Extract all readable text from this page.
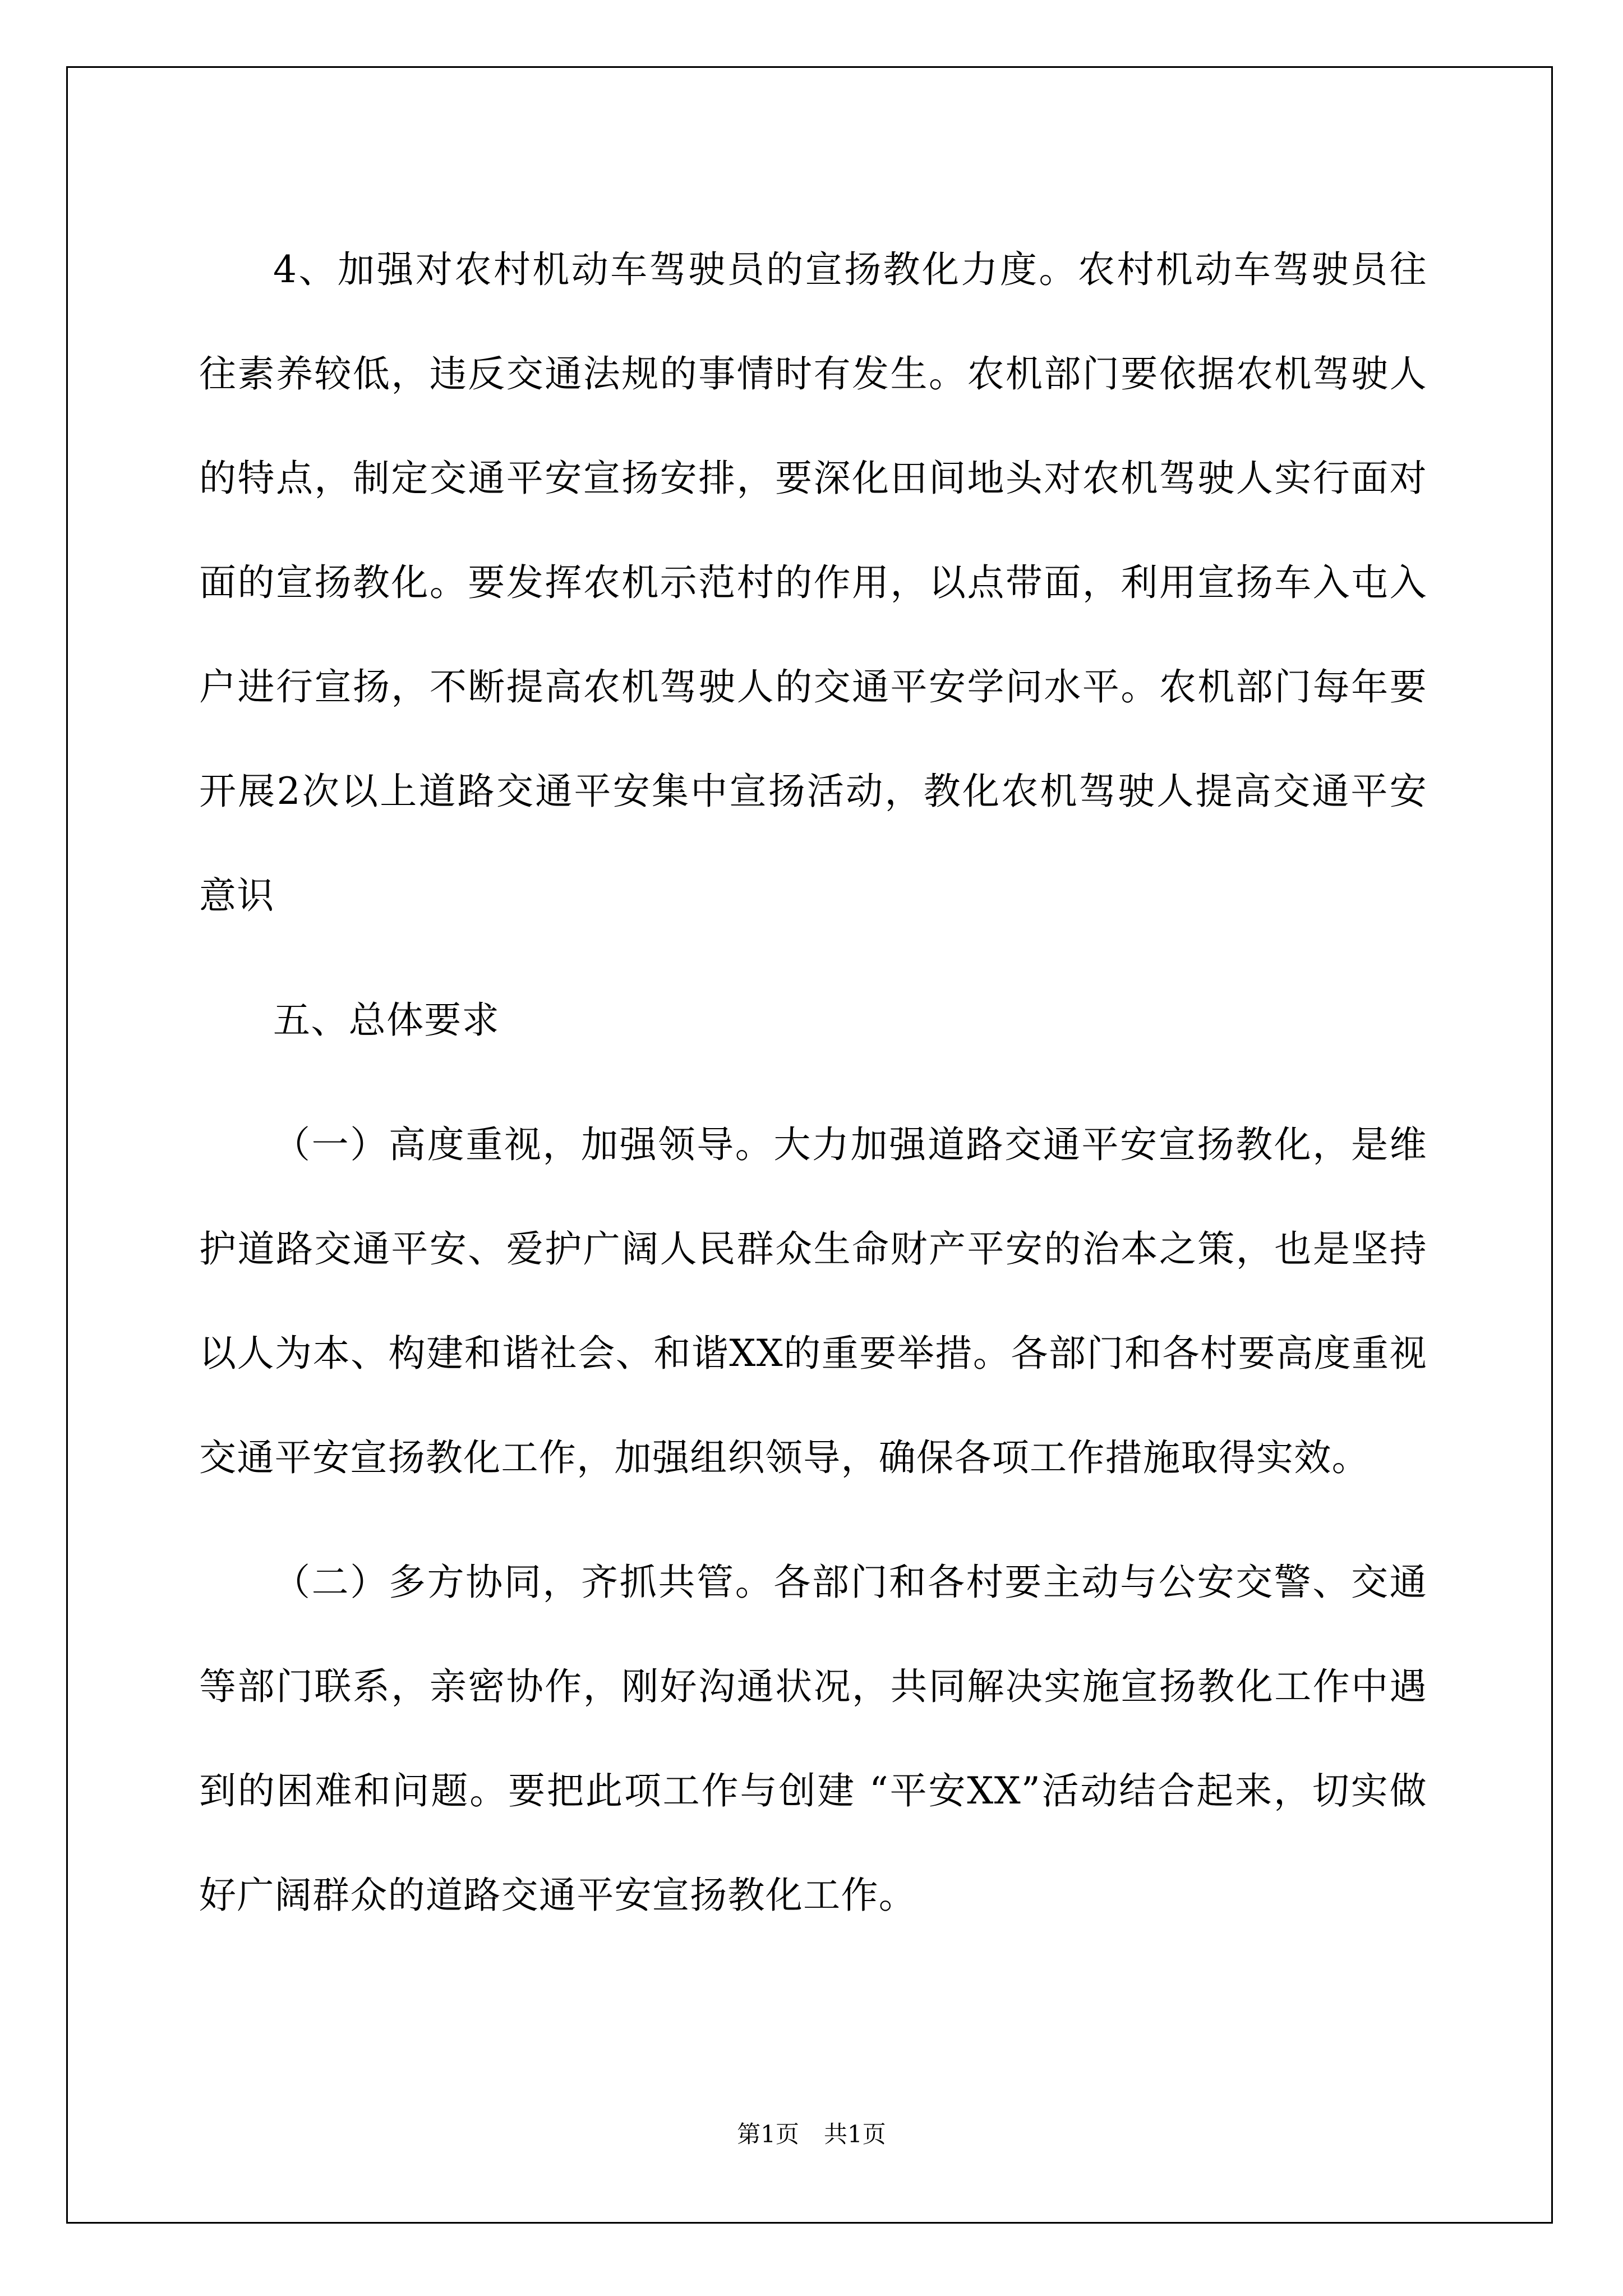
4、加强对农村机动车驾驶员的宣扬教化力度。农村机动车驾驶员往往素养较低，违反交通法规的事情时有发生。农机部门要依据农机驾驶人的特点，制定交通平安宣扬安排，要深化田间地头对农机驾驶人实行面对面的宣扬教化。要发挥农机示范村的作用，以点带面，利用宣扬车入屯入户进行宣扬，不断提高农机驾驶人的交通平安学问水平。农机部门每年要开展2次以上道路交通平安集中宣扬活动，教化农机驾驶人提高交通平安意识

五、总体要求

（一）高度重视，加强领导。大力加强道路交通平安宣扬教化，是维护道路交通平安、爱护广阔人民群众生命财产平安的治本之策，也是坚持以人为本、构建和谐社会、和谐XX的重要举措。各部门和各村要高度重视交通平安宣扬教化工作，加强组织领导，确保各项工作措施取得实效。

（二）多方协同，齐抓共管。各部门和各村要主动与公安交警、交通等部门联系，亲密协作，刚好沟通状况，共同解决实施宣扬教化工作中遇到的困难和问题。要把此项工作与创建 “平安XX”活动结合起来，切实做好广阔群众的道路交通平安宣扬教化工作。

第1页 共1页
